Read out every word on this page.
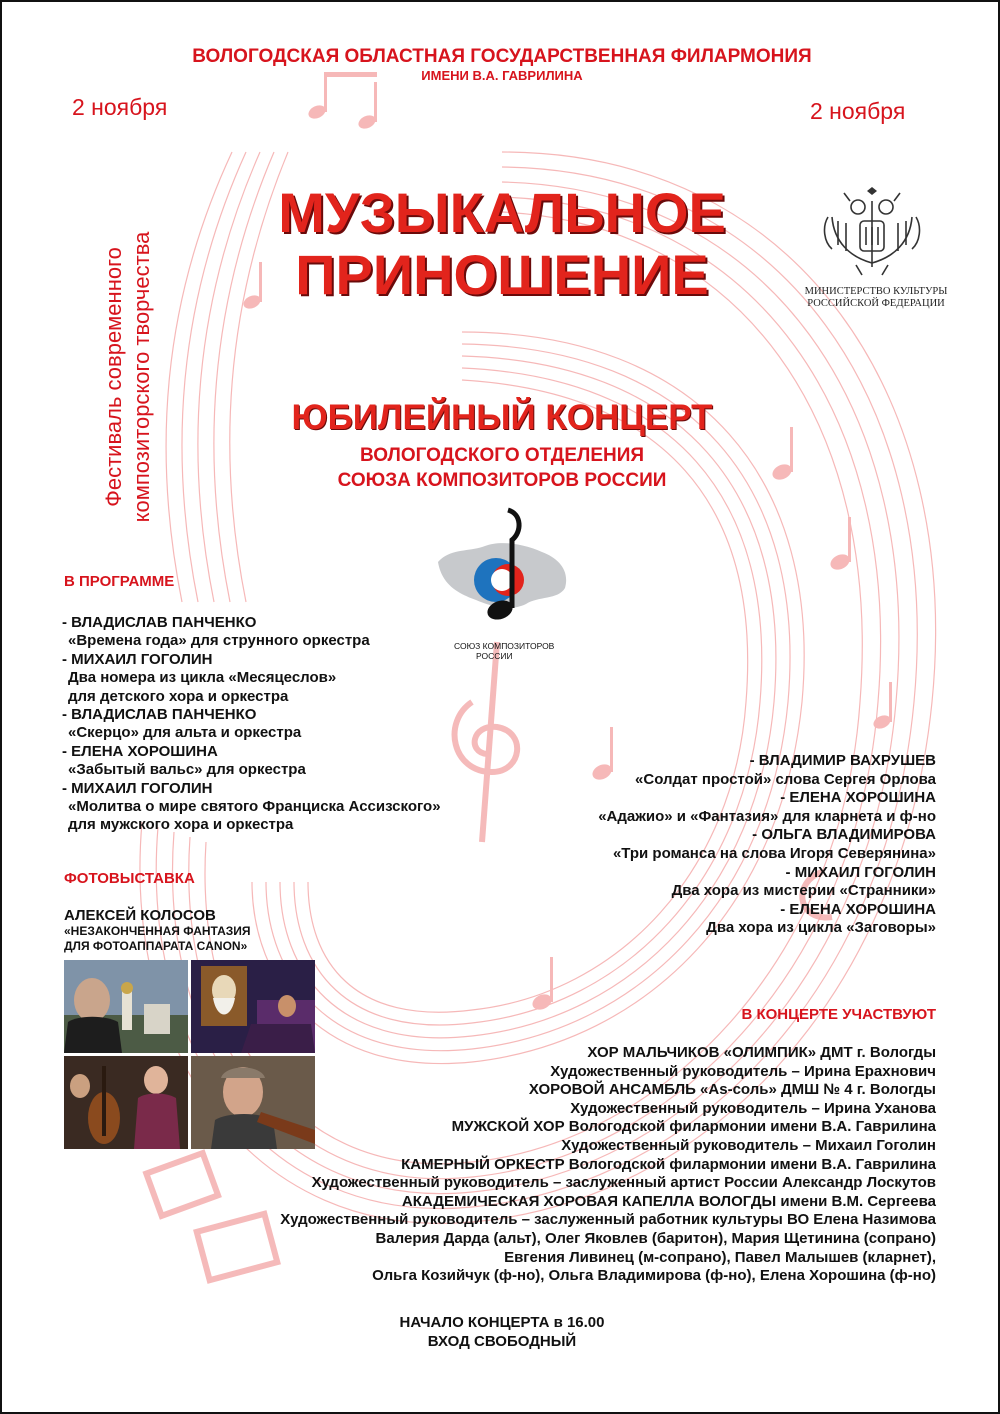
ВОЛОГОДСКАЯ ОБЛАСТНАЯ ГОСУДАРСТВЕННАЯ ФИЛАРМОНИЯ
ИМЕНИ В.А. ГАВРИЛИНА
2 ноября	2 ноября
Фестиваль современного композиторского творчества
МУЗЫКАЛЬНОЕ
ПРИНОШЕНИЕ	МИНИСТЕРСТВО КУЛЬТУРЫ
РОССИЙСКОЙ ФЕДЕРАЦИИ
ЮБИЛЕЙНЫЙ КОНЦЕРТ
ВОЛОГОДСКОГО ОТДЕЛЕНИЯ
СОЮЗА КОМПОЗИТОРОВ РОССИИ
СОЮЗ КОМПОЗИТОРОВ
РОССИИ
В ПРОГРАММЕ
- ВЛАДИСЛАВ ПАНЧЕНКО
«Времена года» для струнного оркестра
- МИХАИЛ ГОГОЛИН
Два номера из цикла «Месяцеслов»
для детского хора и оркестра
- ВЛАДИСЛАВ ПАНЧЕНКО
«Скерцо» для альта и оркестра
- ЕЛЕНА ХОРОШИНА
«Забытый вальс» для оркестра
- МИХАИЛ ГОГОЛИН
«Молитва о мире святого Франциска Ассизского»
для мужского хора и оркестра
- ВЛАДИМИР ВАХРУШЕВ
«Солдат простой» слова Сергея Орлова
- ЕЛЕНА ХОРОШИНА
«Адажио» и «Фантазия» для кларнета и ф-но
- ОЛЬГА ВЛАДИМИРОВА
«Три романса на слова Игоря Северянина»
- МИХАИЛ ГОГОЛИН
Два хора из мистерии «Странники»
- ЕЛЕНА ХОРОШИНА
Два хора из цикла «Заговоры»
ФОТОВЫСТАВКА
АЛЕКСЕЙ КОЛОСОВ
«НЕЗАКОНЧЕННАЯ ФАНТАЗИЯ
ДЛЯ ФОТОАППАРАТА CANON»
В КОНЦЕРТЕ УЧАСТВУЮТ
ХОР МАЛЬЧИКОВ «ОЛИМПИК» ДМТ г. Вологды
Художественный руководитель – Ирина Ерахнович
ХОРОВОЙ АНСАМБЛЬ «As-соль» ДМШ № 4 г. Вологды
Художественный руководитель – Ирина Уханова
МУЖСКОЙ ХОР Вологодской филармонии имени В.А. Гаврилина
Художественный руководитель – Михаил Гоголин
КАМЕРНЫЙ ОРКЕСТР Вологодской филармонии имени В.А. Гаврилина
Художественный руководитель – заслуженный артист России Александр Лоскутов
АКАДЕМИЧЕСКАЯ ХОРОВАЯ КАПЕЛЛА ВОЛОГДЫ имени В.М. Сергеева
Художественный руководитель – заслуженный работник культуры ВО Елена Назимова
Валерия Дарда (альт), Олег Яковлев (баритон), Мария Щетинина (сопрано)
Евгения Ливинец (м-сопрано), Павел Малышев (кларнет),
Ольга Козийчук (ф-но), Ольга Владимирова (ф-но), Елена Хорошина (ф-но)
НАЧАЛО КОНЦЕРТА в 16.00
ВХОД СВОБОДНЫЙ
